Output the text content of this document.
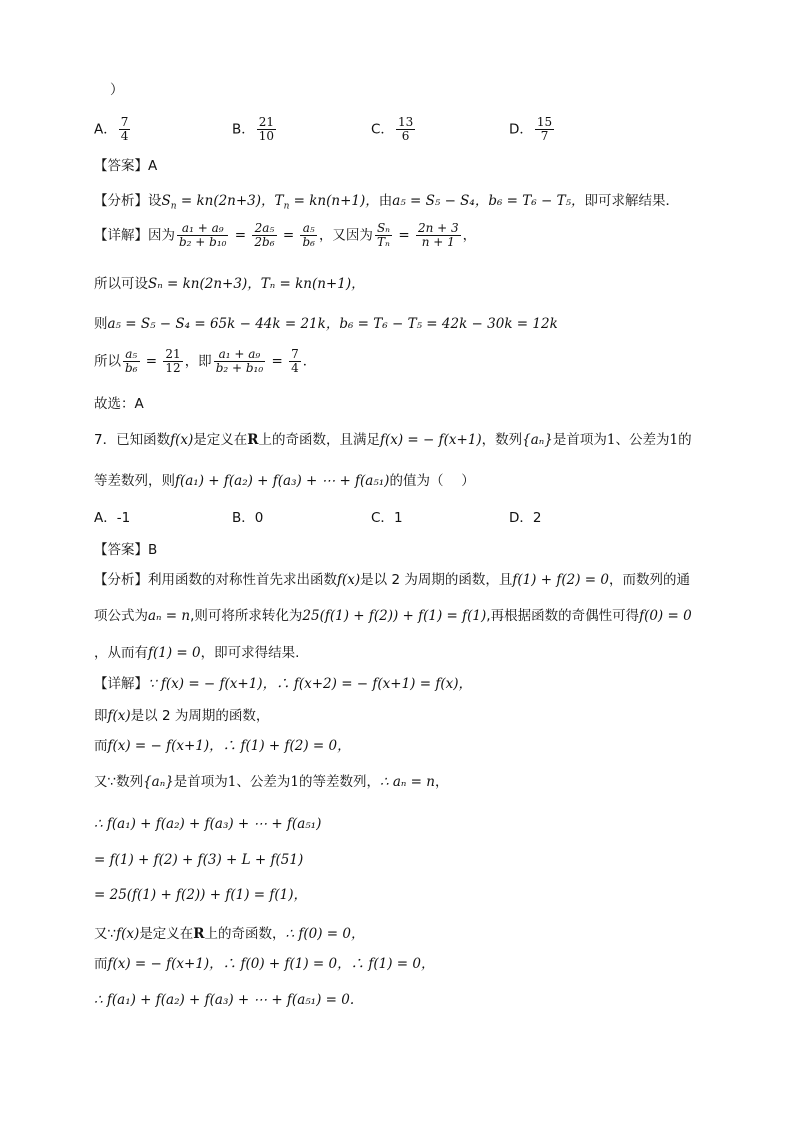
）
A． $\frac{7}{4}$	B． $\frac{21}{10}$	C． $\frac{13}{6}$	D． $\frac{15}{7}$
【答案】A
【分析】设$S_n = kn(2n+3)$，$T_n = kn(n+1)$，由a₅ = S₅ − S₄，b₆ = T₆ − T₅，即可求解结果．
【详解】因为 $\frac{\text{a₁ + a₉}}{\text{b₂ + b₁₀}} = \frac{\text{2a₅}}{\text{2b₆}} = \frac{\text{a₅}}{\text{b₆}}$ ，又因为 $\frac{\text{Sₙ}}{\text{Tₙ}} = \frac{2n + 3}{n + 1}$ ，
所以可设Sₙ = kn(2n+3)，Tₙ = kn(n+1)，
则a₅ = S₅ − S₄ = 65k − 44k = 21k，b₆ = T₆ − T₅ = 42k − 30k = 12k
所以 $\frac{\text{a₅}}{\text{b₆}} = \frac{21}{12}$ ，即 $\frac{\text{a₁ + a₉}}{\text{b₂ + b₁₀}} = \frac{7}{4}$ ．
故选：A
7．已知函数f(x)是定义在R上的奇函数，且满足f(x) = − f(x+1)，数列{aₙ}是首项为1、公差为1的
等差数列，则f(a₁) + f(a₂) + f(a₃) + ⋯ + f(a₅₁)的值为（　 ）
A．-1	B．0	C．1	D．2
【答案】B
【分析】利用函数的对称性首先求出函数f(x)是以 2 为周期的函数，且f(1) + f(2) = 0，而数列的通
项公式为aₙ = n,则可将所求转化为25(f(1) + f(2)) + f(1) = f(1),再根据函数的奇偶性可得f(0) = 0
，从而有f(1) = 0，即可求得结果.
【详解】∵ f(x) = − f(x+1)，∴ f(x+2) = − f(x+1) = f(x)，
即f(x)是以 2 为周期的函数，
而f(x) = − f(x+1)，∴ f(1) + f(2) = 0，
又∵数列{aₙ}是首项为1、公差为1的等差数列，∴ aₙ = n，
∴ f(a₁) + f(a₂) + f(a₃) + ⋯ + f(a₅₁)
= f(1) + f(2) + f(3) + L + f(51)
= 25(f(1) + f(2)) + f(1) = f(1)，
又∵f(x)是定义在R上的奇函数，∴ f(0) = 0，
而f(x) = − f(x+1)，∴ f(0) + f(1) = 0，∴ f(1) = 0，
∴ f(a₁) + f(a₂) + f(a₃) + ⋯ + f(a₅₁) = 0.
